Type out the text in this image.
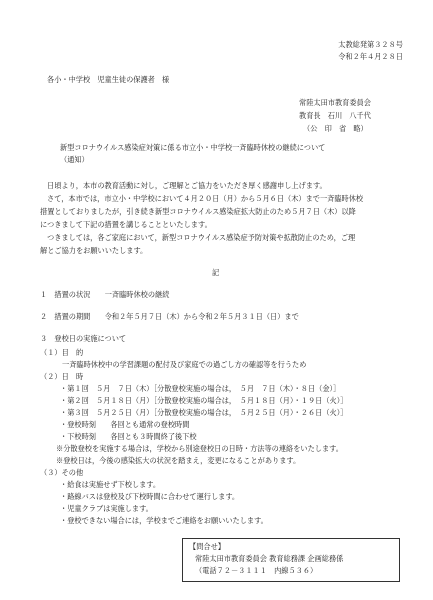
太教総発第３２８号
令和２年４月２８日
各小・中学校　児童生徒の保護者　様
常陸太田市教育委員会
教育長　石川　八千代
（公　印　省　略）
新型コロナウイルス感染症対策に係る市立小・中学校一斉臨時休校の継続について
（通知）
日頃より，本市の教育活動に対し，ご理解とご協力をいただき厚く感謝申し上げます。
さて，本市では，市立小・中学校において４月２０日（月）から５月６日（木）まで一斉臨時休校
措置としておりましたが，引き続き新型コロナウイルス感染症拡大防止のため５月７日（木）以降
につきまして下記の措置を講じることといたします。
つきましては，各ご家庭において，新型コロナウイルス感染症予防対策や拡散防止のため，ご理
解とご協力をお願いいたします。
記
１　措置の状況　　一斉臨時休校の継続
２　措置の期間　　令和２年５月７日（木）から令和２年５月３１日（日）まで
３　登校日の実施について
（１）目　的
一斉臨時休校中の学習課題の配付及び家庭での過ごし方の確認等を行うため
（２）日　時
・第１回　５月　７日（木）［分散登校実施の場合は，　５月　７日（木）・８日（金）］
・第２回　５月１８日（月）［分散登校実施の場合は，　５月１８日（月）・１９日（火）］
・第３回　５月２５日（月）［分散登校実施の場合は，　５月２５日（月）・２６日（火）］
・登校時刻　　各回とも通常の登校時間
・下校時刻　　各回とも３時間終了後下校
※分散登校を実施する場合は，学校から別途登校日の日時・方法等の連絡をいたします。
※登校日は，今後の感染拡大の状況を踏まえ，変更になることがあります。
（３）その他
・給食は実施せず下校します。
・路線バスは登校及び下校時間に合わせて運行します。
・児童クラブは実施します。
・登校できない場合には，学校までご連絡をお願いいたします。
【問合せ】
常陸太田市教育委員会 教育総務課 企画総務係
（電話７２－３１１１　内線５３６）
